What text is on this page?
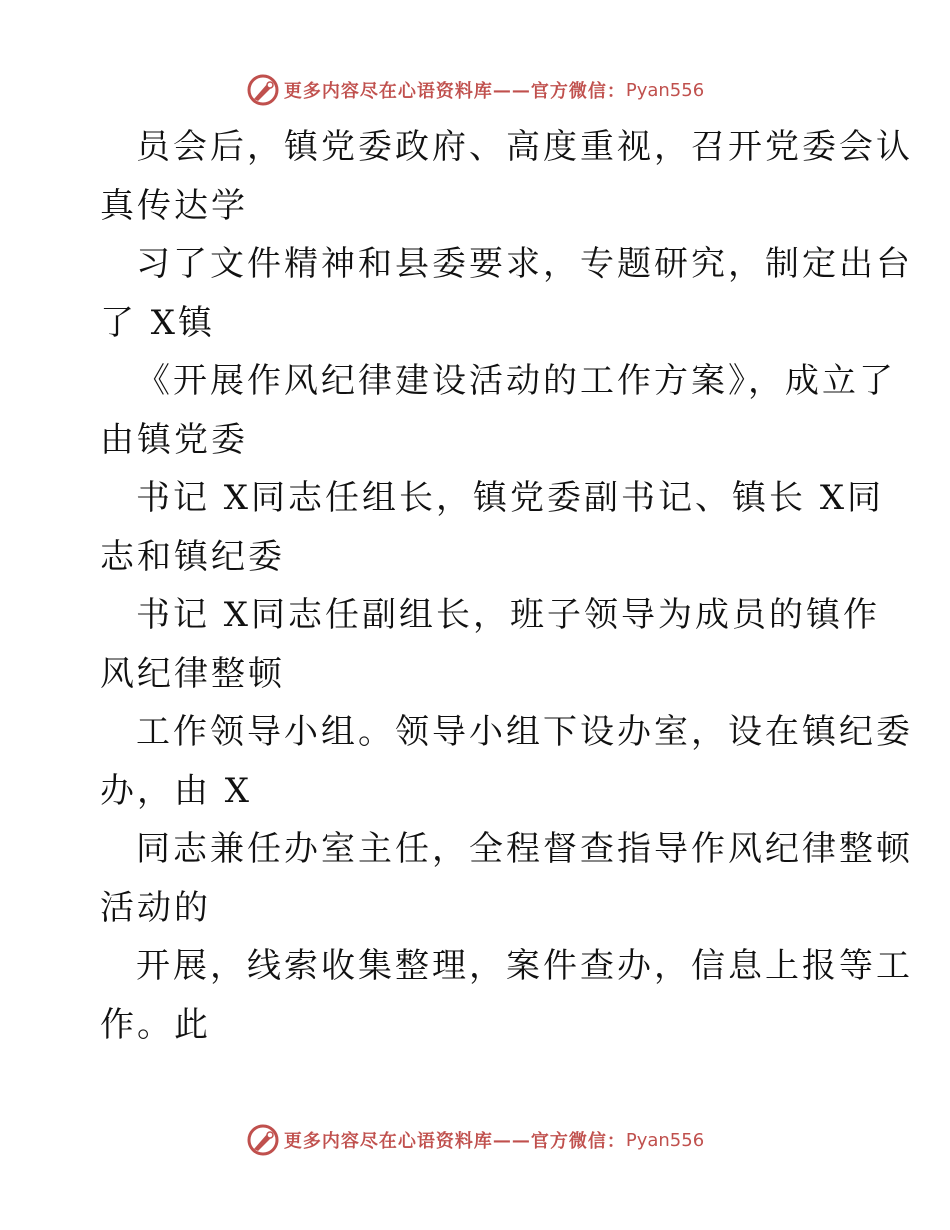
更多内容尽在心语资料库 —— 官方微信： Pyan556
员会后，镇党委政府、高度重视，召开党委会认
真传达学
习了文件精神和县委要求，专题研究，制定出台
了 X镇
《开展作风纪律建设活动的工作方案》，成立了
由镇党委
书记 X同志任组长，镇党委副书记、镇长 X同
志和镇纪委
书记 X同志任副组长，班子领导为成员的镇作
风纪律整顿
工作领导小组。领导小组下设办室，设在镇纪委
办，由 X
同志兼任办室主任，全程督查指导作风纪律整顿
活动的
开展，线索收集整理，案件查办，信息上报等工
作。此
更多内容尽在心语资料库 —— 官方微信： Pyan556
